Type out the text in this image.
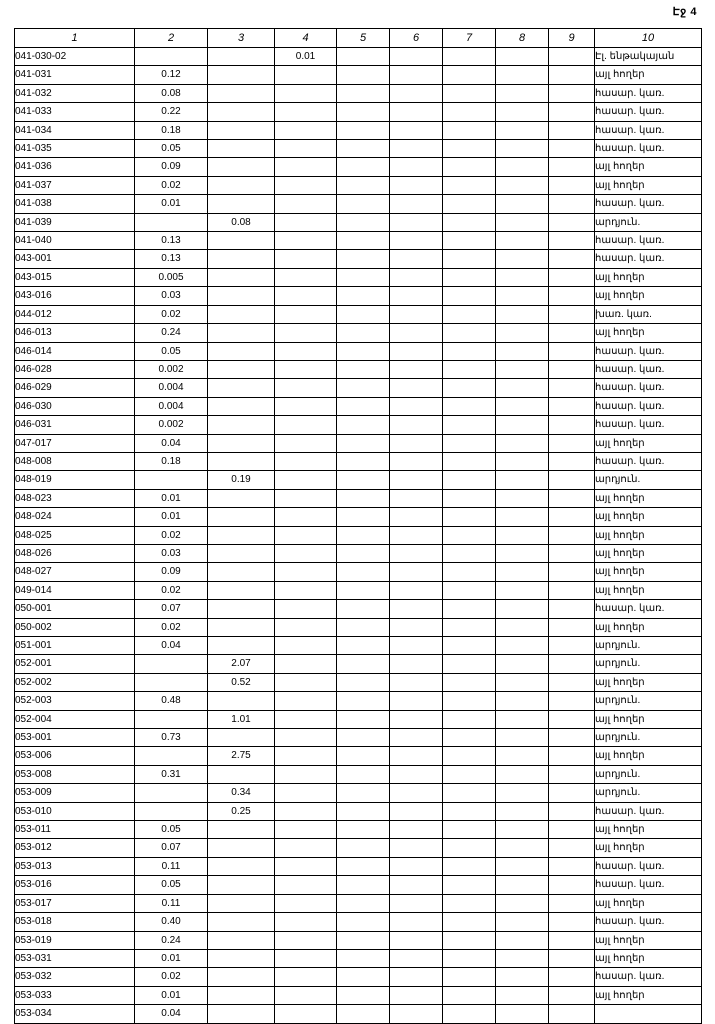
Էջ 4
1	2	3	4	5	6	7	8	9	10
041-030-02			0.01						Էլ. ենթակայան
041-031	0.12								այլ հողեր
041-032	0.08								հասար. կառ.
041-033	0.22								հասար. կառ.
041-034	0.18								հասար. կառ.
041-035	0.05								հասար. կառ.
041-036	0.09								այլ հողեր
041-037	0.02								այլ հողեր
041-038	0.01								հասար. կառ.
041-039		0.08							արդյուն.
041-040	0.13								հասար. կառ.
043-001	0.13								հասար. կառ.
043-015	0.005								այլ հողեր
043-016	0.03								այլ հողեր
044-012	0.02								խառ. կառ.
046-013	0.24								այլ հողեր
046-014	0.05								հասար. կառ.
046-028	0.002								հասար. կառ.
046-029	0.004								հասար. կառ.
046-030	0.004								հասար. կառ.
046-031	0.002								հասար. կառ.
047-017	0.04								այլ հողեր
048-008	0.18								հասար. կառ.
048-019		0.19							արդյուն.
048-023	0.01								այլ հողեր
048-024	0.01								այլ հողեր
048-025	0.02								այլ հողեր
048-026	0.03								այլ հողեր
048-027	0.09								այլ հողեր
049-014	0.02								այլ հողեր
050-001	0.07								հասար. կառ.
050-002	0.02								այլ հողեր
051-001	0.04								արդյուն.
052-001		2.07							արդյուն.
052-002		0.52							այլ հողեր
052-003	0.48								արդյուն.
052-004		1.01							այլ հողեր
053-001	0.73								արդյուն.
053-006		2.75							այլ հողեր
053-008	0.31								արդյուն.
053-009		0.34							արդյուն.
053-010		0.25							հասար. կառ.
053-011	0.05								այլ հողեր
053-012	0.07								այլ հողեր
053-013	0.11								հասար. կառ.
053-016	0.05								հասար. կառ.
053-017	0.11								այլ հողեր
053-018	0.40								հասար. կառ.
053-019	0.24								այլ հողեր
053-031	0.01								այլ հողեր
053-032	0.02								հասար. կառ.
053-033	0.01								այլ հողեր
053-034	0.04								
